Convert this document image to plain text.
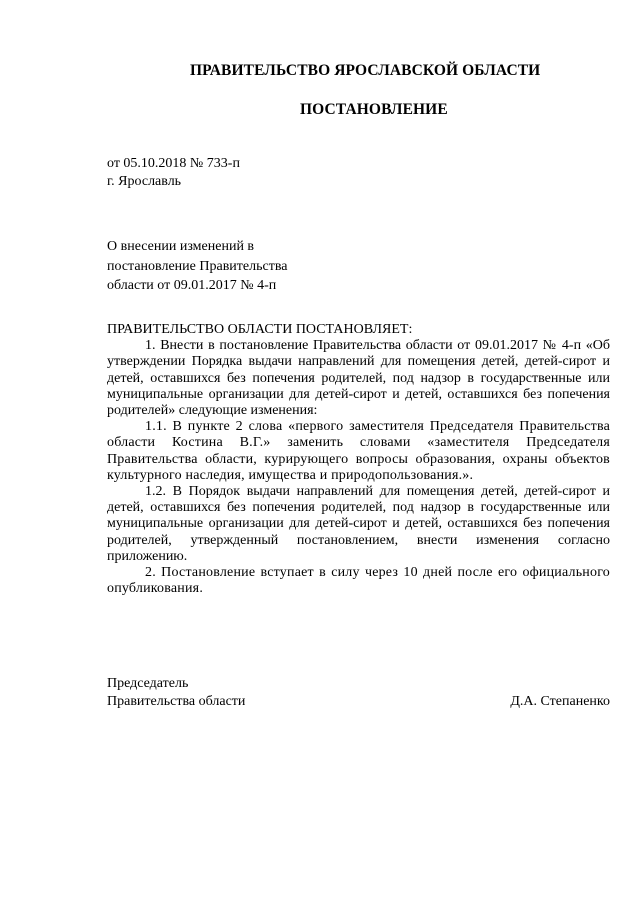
ПРАВИТЕЛЬСТВО ЯРОСЛАВСКОЙ ОБЛАСТИ
ПОСТАНОВЛЕНИЕ
от 05.10.2018 № 733-п
г. Ярославль
О внесении изменений в
постановление Правительства
области от 09.01.2017 № 4-п
ПРАВИТЕЛЬСТВО ОБЛАСТИ ПОСТАНОВЛЯЕТ:

1. Внести в постановление Правительства области от 09.01.2017 № 4-п «Об утверждении Порядка выдачи направлений для помещения детей, детей-сирот и детей, оставшихся без попечения родителей, под надзор в государственные или муниципальные организации для детей-сирот и детей, оставшихся без попечения родителей» следующие изменения:

1.1. В пункте 2 слова «первого заместителя Председателя Правительства области Костина В.Г.» заменить словами «заместителя Председателя Правительства области, курирующего вопросы образования, охраны объектов культурного наследия, имущества и природопользования.».

1.2. В Порядок выдачи направлений для помещения детей, детей-сирот и детей, оставшихся без попечения родителей, под надзор в государственные или муниципальные организации для детей-сирот и детей, оставшихся без попечения родителей, утвержденный постановлением, внести изменения согласно приложению.

2. Постановление вступает в силу через 10 дней после его официального опубликования.

Председатель
Правительства области	Д.А. Степаненко
